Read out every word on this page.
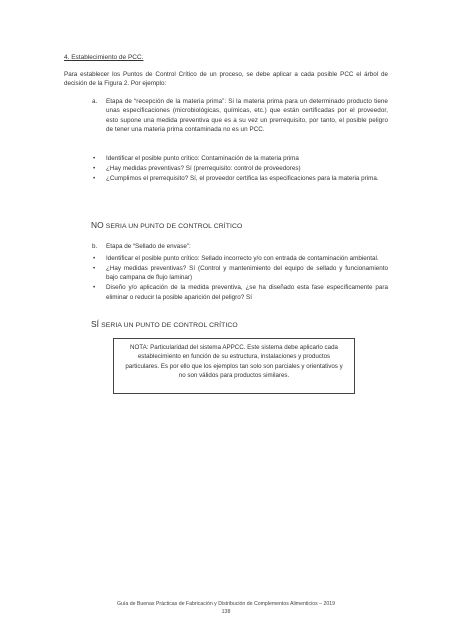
4. Establecimiento de PCC.
Para establecer los Puntos de Control Crítico de un proceso, se debe aplicar a cada posible PCC el árbol de decisión de la Figura 2. Por ejemplo:
a. Etapa de “recepción de la materia prima”: Si la materia prima para un determinado producto tiene unas especificaciones (microbiológicas, químicas, etc.) que están certificadas por el proveedor, esto supone una medida preventiva que es a su vez un prerrequisito, por tanto, el posible peligro de tener una materia prima contaminada no es un PCC.
• Identificar el posible punto crítico: Contaminación de la materia prima
• ¿Hay medidas preventivas? Sí (prerrequisito: control de proveedores)
• ¿Cumplimos el prerrequisito? Sí, el proveedor certifica las especificaciones para la materia prima.
NO SERIA UN PUNTO DE CONTROL CRÍTICO
b. Etapa de “Sellado de envase”:
• Identificar el posible punto crítico: Sellado incorrecto y/o con entrada de contaminación ambiental.
• ¿Hay medidas preventivas? Sí (Control y mantenimiento del equipo de sellado y funcionamiento bajo campana de flujo laminar)
• Diseño y/o aplicación de la medida preventiva, ¿se ha diseñado esta fase específicamente para eliminar o reducir la posible aparición del peligro? Sí
SÍ SERIA UN PUNTO DE CONTROL CRÍTICO
NOTA: Particularidad del sistema APPCC. Este sistema debe aplicarlo cada establecimiento en función de su estructura, instalaciones y productos particulares. Es por ello que los ejemplos tan solo son parciales y orientativos y no son válidos para productos similares.
Guía de Buenas Prácticas de Fabricación y Distribución de Complementos Alimenticios – 2019
138
